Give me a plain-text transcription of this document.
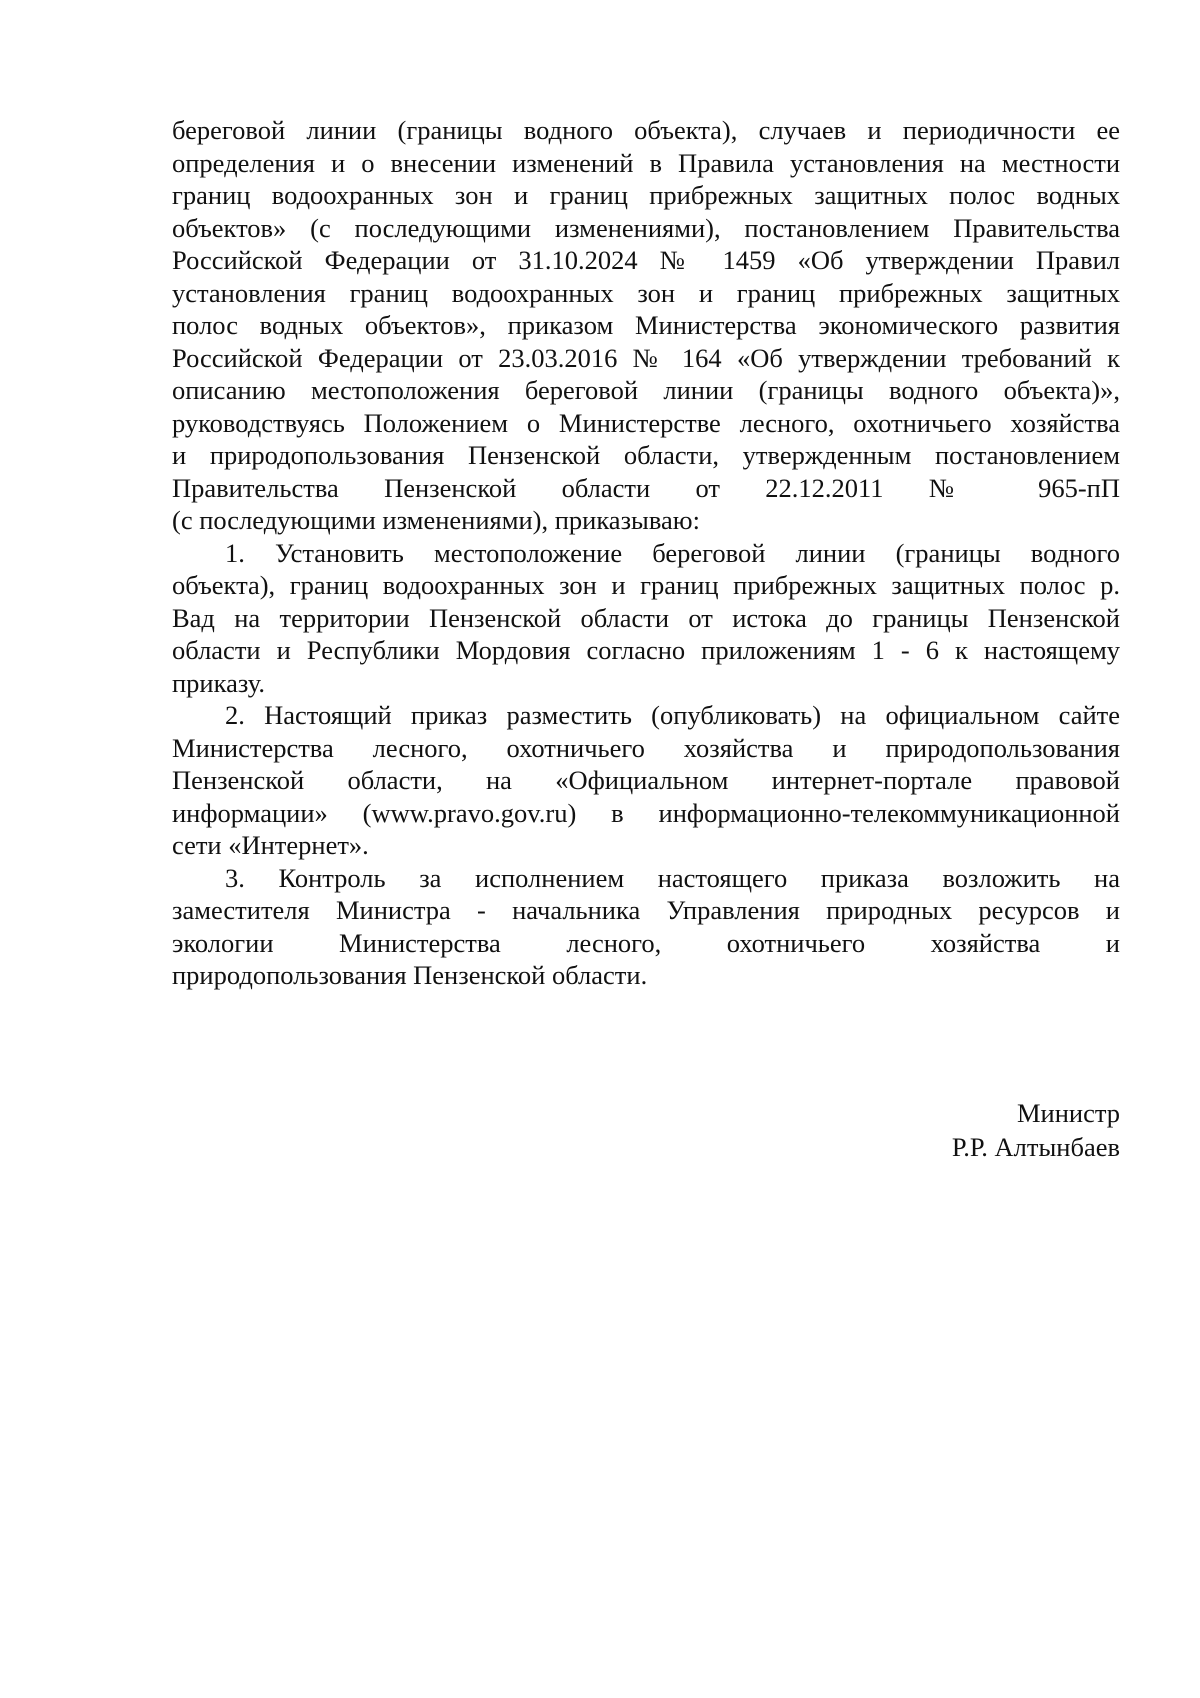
береговой линии (границы водного объекта), случаев и периодичности ее
определения и о внесении изменений в Правила установления на местности
границ водоохранных зон и границ прибрежных защитных полос водных
объектов» (с последующими изменениями), постановлением Правительства
Российской Федерации от 31.10.2024 № 1459 «Об утверждении Правил
установления границ водоохранных зон и границ прибрежных защитных
полос водных объектов», приказом Министерства экономического развития
Российской Федерации от 23.03.2016 № 164 «Об утверждении требований к
описанию местоположения береговой линии (границы водного объекта)»,
руководствуясь Положением о Министерстве лесного, охотничьего хозяйства
и природопользования Пензенской области, утвержденным постановлением
Правительства Пензенской области от 22.12.2011 № 965-пП
(с последующими изменениями), приказываю:
1. Установить местоположение береговой линии (границы водного
объекта), границ водоохранных зон и границ прибрежных защитных полос р.
Вад на территории Пензенской области от истока до границы Пензенской
области и Республики Мордовия согласно приложениям 1 - 6 к настоящему
приказу.
2. Настоящий приказ разместить (опубликовать) на официальном сайте
Министерства лесного, охотничьего хозяйства и природопользования
Пензенской области, на «Официальном интернет-портале правовой
информации» (www.pravo.gov.ru) в информационно-телекоммуникационной
сети «Интернет».
3. Контроль за исполнением настоящего приказа возложить на
заместителя Министра - начальника Управления природных ресурсов и
экологии Министерства лесного, охотничьего хозяйства и
природопользования Пензенской области.
Министр
Р.Р. Алтынбаев
